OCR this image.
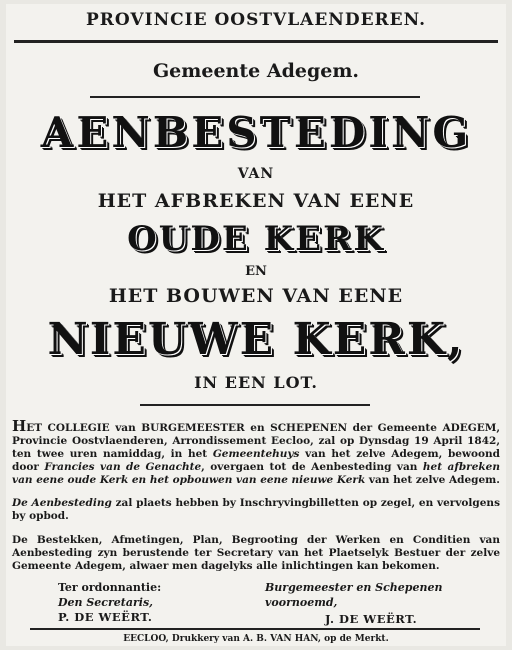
PROVINCIE OOSTVLAENDEREN.
Gemeente Adegem.
AENBESTEDING
VAN
HET AFBREKEN VAN EENE
OUDE KERK
EN
HET BOUWEN VAN EENE
NIEUWE KERK,
IN EEN LOT.
HET COLLEGIE van BURGEMEESTER en SCHEPENEN der Gemeente ADEGEM, Provincie Oostvlaenderen, Arrondissement Eecloo, zal op Dynsdag 19 April 1842, ten twee uren namiddag, in het Gemeentehuys van het zelve Adegem, bewoond door Francies van de Genachte, overgaen tot de Aenbesteding van het afbreken van eene oude Kerk en het opbouwen van eene nieuwe Kerk van het zelve Adegem.
De Aenbesteding zal plaets hebben by Inschryvingbilletten op zegel, en vervolgens by opbod.
De Bestekken, Afmetingen, Plan, Begrooting der Werken en Conditien van Aenbesteding zyn berustende ter Secretary van het Plaetselyk Bestuer der zelve Gemeente Adegem, alwaer men dagelyks alle inlichtingen kan bekomen.
Ter ordonnantie:
Den Secretaris,
P. DE WEËRT.
Burgemeester en Schepenen voornoemd,
J. DE WEËRT.
EECLOO, Drukkery van A. B. VAN HAN, op de Merkt.
